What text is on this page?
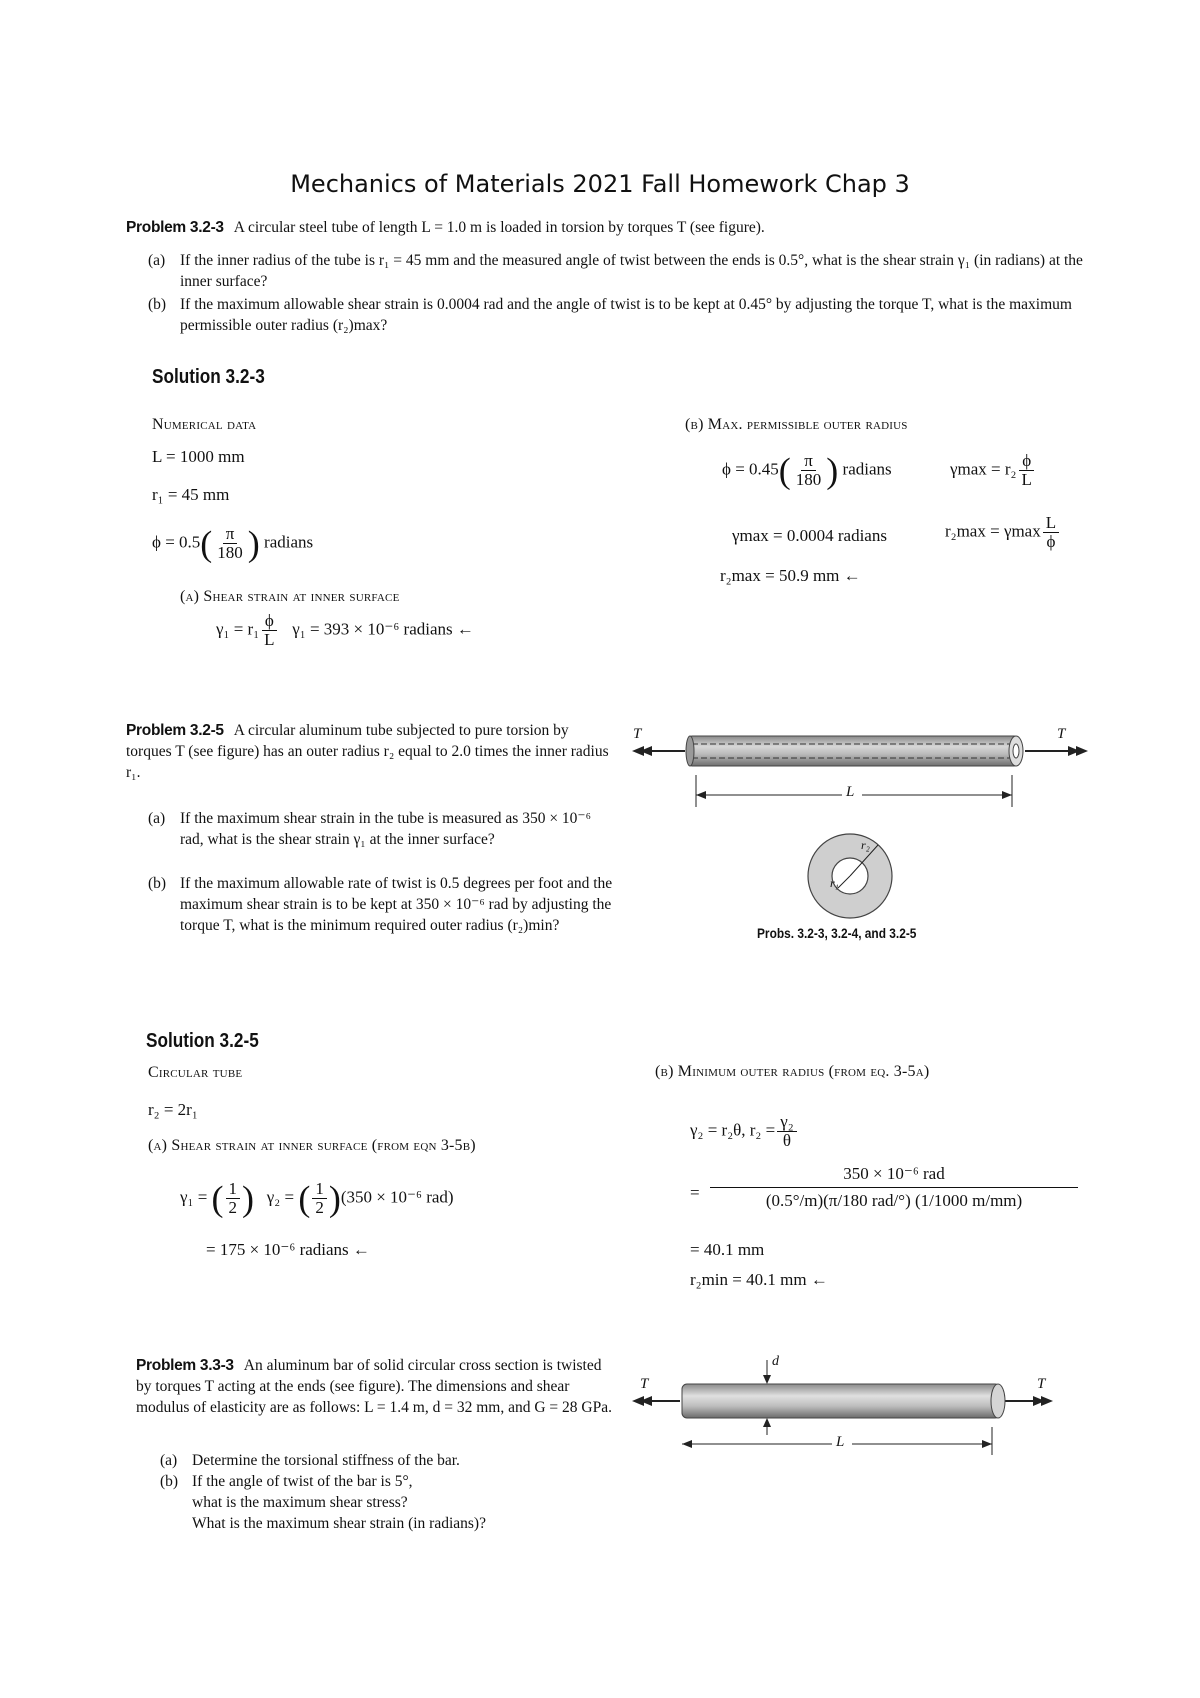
Mechanics of Materials 2021 Fall Homework Chap 3
Problem 3.2-3 A circular steel tube of length L = 1.0 m is loaded in torsion by torques T (see figure).
(a) If the inner radius of the tube is r₁ = 45 mm and the measured angle of twist between the ends is 0.5°, what is the shear strain γ₁ (in radians) at the inner surface?
(b) If the maximum allowable shear strain is 0.0004 rad and the angle of twist is to be kept at 0.45° by adjusting the torque T, what is the maximum permissible outer radius (r₂)max?
Solution 3.2-3
Numerical data
L = 1000 mm
r₁ = 45 mm
$\phi = 0.5( \frac{\pi}{180}$ ) radians
(a) Shear strain at inner surface
$\gamma_1 = r_1 \frac{\phi}{L} \gamma_1 = 393 \times 10^{-6}$ radians ←
(b) Max. permissible outer radius
$\phi = 0.45( \frac{\pi}{180}$ ) radians	$\gamma\max = r_2 \frac{\phi}{L}$
γmax = 0.0004 radians	r₂max = γmax $\frac{L}{\phi}$
r₂max = 50.9 mm ←
Problem 3.2-5 A circular aluminum tube subjected to pure torsion by torques T (see figure) has an outer radius r₂ equal to 2.0 times the inner radius r₁.
(a) If the maximum shear strain in the tube is measured as 350 × 10⁻⁶ rad, what is the shear strain γ₁ at the inner surface?
(b) If the maximum allowable rate of twist is 0.5 degrees per foot and the maximum shear strain is to be kept at 350 × 10⁻⁶ rad by adjusting the torque T, what is the minimum required outer radius (r₂)min?
T	T
L
r₁
r₂
Probs. 3.2-3, 3.2-4, and 3.2-5
Solution 3.2-5
Circular tube
r₂ = 2r₁
(a) Shear strain at inner surface (from eqn 3-5b)
γ₁ = ( $\frac{1}{2}$ ) γ₂ = ( $\frac{1}{2} )(350 \times 10^{-6}$ rad)
= 175 × 10⁻⁶ radians ←
(b) Minimum outer radius (from eq. 3-5a)
γ₂ = r₂θ, $r_2 = \frac{\text{γ₂}}{\theta}$
=
350 × 10⁻⁶ rad
(0.5°/m)(π/180 rad/°) (1/1000 m/mm)
= 40.1 mm
r₂min = 40.1 mm ←
Problem 3.3-3 An aluminum bar of solid circular cross section is twisted by torques T acting at the ends (see figure). The dimensions and shear modulus of elasticity are as follows: L = 1.4 m, d = 32 mm, and G = 28 GPa.
(a) Determine the torsional stiffness of the bar.
(b) If the angle of twist of the bar is 5°,
what is the maximum shear stress?
What is the maximum shear strain (in radians)?
T	T
d
L
